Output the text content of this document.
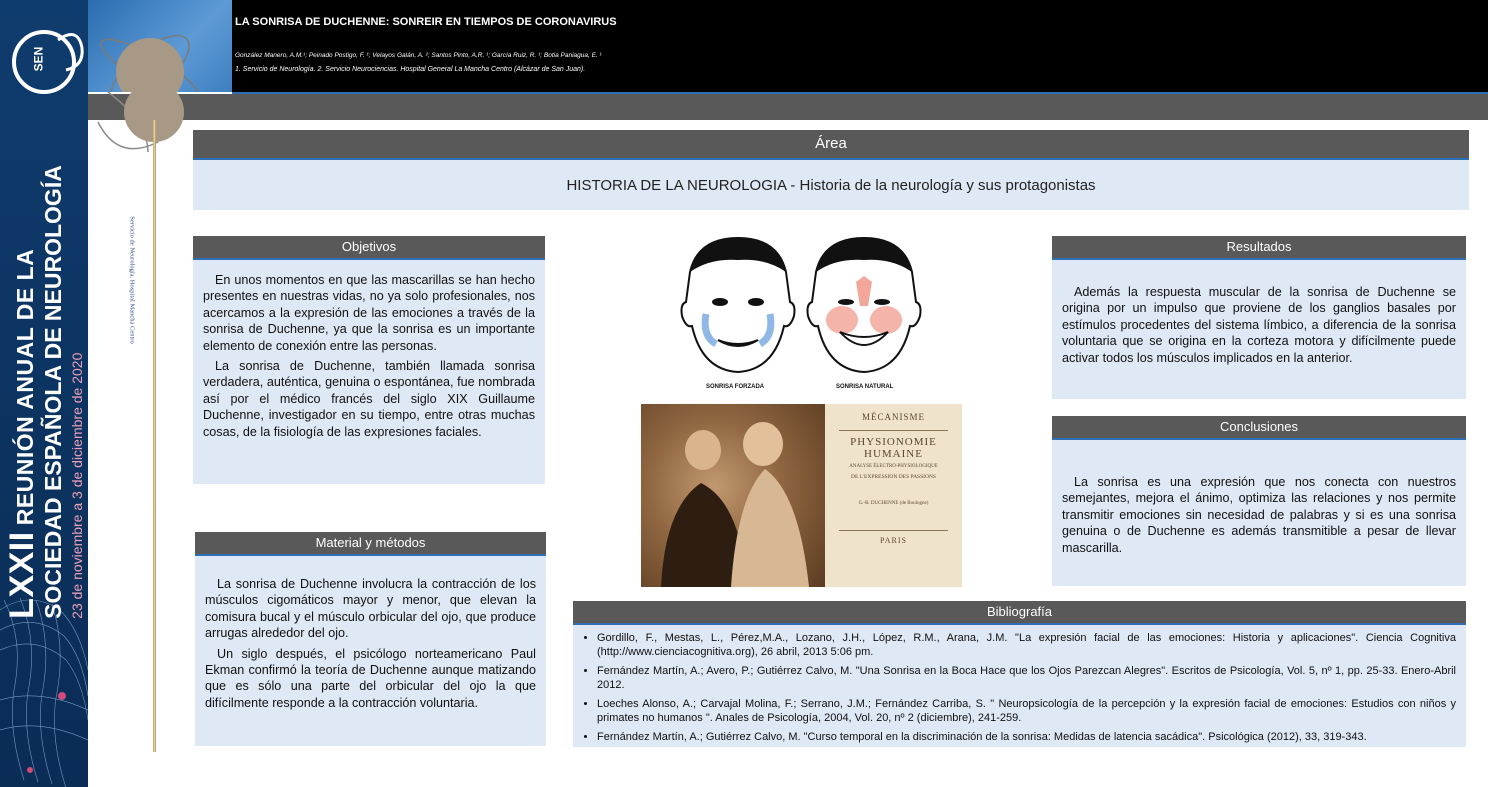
SEN
LXXIIREUNIÓN ANUAL DE LA SOCIEDAD ESPAÑOLA DE NEUROLOGÍA 23 de noviembre a 3 de diciembre de 2020
LA SONRISA DE DUCHENNE: SONREIR EN TIEMPOS DE CORONAVIRUS
González Manero, A.M.¹; Peinado Postigo, F. ¹; Velayos Galán, A. ²; Santos Pinto, A.R. ¹; García Ruiz, R. ¹; Botia Paniagua, E. ¹
1. Servicio de Neurología. 2. Servicio Neurociencias. Hospital General La Mancha Centro (Alcázar de San Juan).
Servicio de Neurología. Hospital Mancha Centro
Área
HISTORIA DE LA NEUROLOGIA - Historia de la neurología y sus protagonistas
Objetivos

En unos momentos en que las mascarillas se han hecho presentes en nuestras vidas, no ya solo profesionales, nos acercamos a la expresión de las emociones a través de la sonrisa de Duchenne, ya que la sonrisa es un importante elemento de conexión entre las personas.

La sonrisa de Duchenne, también llamada sonrisa verdadera, auténtica, genuina o espontánea, fue nombrada así por el médico francés del siglo XIX Guillaume Duchenne, investigador en su tiempo, entre otras muchas cosas, de la fisiología de las expresiones faciales.

Material y métodos

La sonrisa de Duchenne involucra la contracción de los músculos cigomáticos mayor y menor, que elevan la comisura bucal y el músculo orbicular del ojo, que produce arrugas alrededor del ojo.

Un siglo después, el psicólogo norteamericano Paul Ekman confirmó la teoría de Duchenne aunque matizando que es sólo una parte del orbicular del ojo la que difícilmente responde a la contracción voluntaria.

SONRISA FORZADA	SONRISA NATURAL
MÉCANISME
PHYSIONOMIE HUMAINE
ANALYSE ÉLECTRO-PHYSIOLOGIQUE
DE L'EXPRESSION DES PASSIONS
G.-B. DUCHENNE (de Boulogne)
PARIS
Resultados

Además la respuesta muscular de la sonrisa de Duchenne se origina por un impulso que proviene de los ganglios basales por estímulos procedentes del sistema límbico, a diferencia de la sonrisa voluntaria que se origina en la corteza motora y difícilmente puede activar todos los músculos implicados en la anterior.

Conclusiones

La sonrisa es una expresión que nos conecta con nuestros semejantes, mejora el ánimo, optimiza las relaciones y nos permite transmitir emociones sin necesidad de palabras y si es una sonrisa genuina o de Duchenne es además transmitible a pesar de llevar mascarilla.

Bibliografía
• Gordillo, F., Mestas, L., Pérez,M.A., Lozano, J.H., López, R.M., Arana, J.M. "La expresión facial de las emociones: Historia y aplicaciones". Ciencia Cognitiva (http://www.cienciacognitiva.org), 26 abril, 2013 5:06 pm.
• Fernández Martín, A.; Avero, P.; Gutiérrez Calvo, M. "Una Sonrisa en la Boca Hace que los Ojos Parezcan Alegres". Escritos de Psicología, Vol. 5, nº 1, pp. 25-33. Enero-Abril 2012.
• Loeches Alonso, A.; Carvajal Molina, F.; Serrano, J.M.; Fernández Carriba, S. " Neuropsicología de la percepción y la expresión facial de emociones: Estudios con niños y primates no humanos ". Anales de Psicología, 2004, Vol. 20, nº 2 (diciembre), 241-259.
• Fernández Martín, A.; Gutiérrez Calvo, M. "Curso temporal en la discriminación de la sonrisa: Medidas de latencia sacádica". Psicológica (2012), 33, 319-343.
